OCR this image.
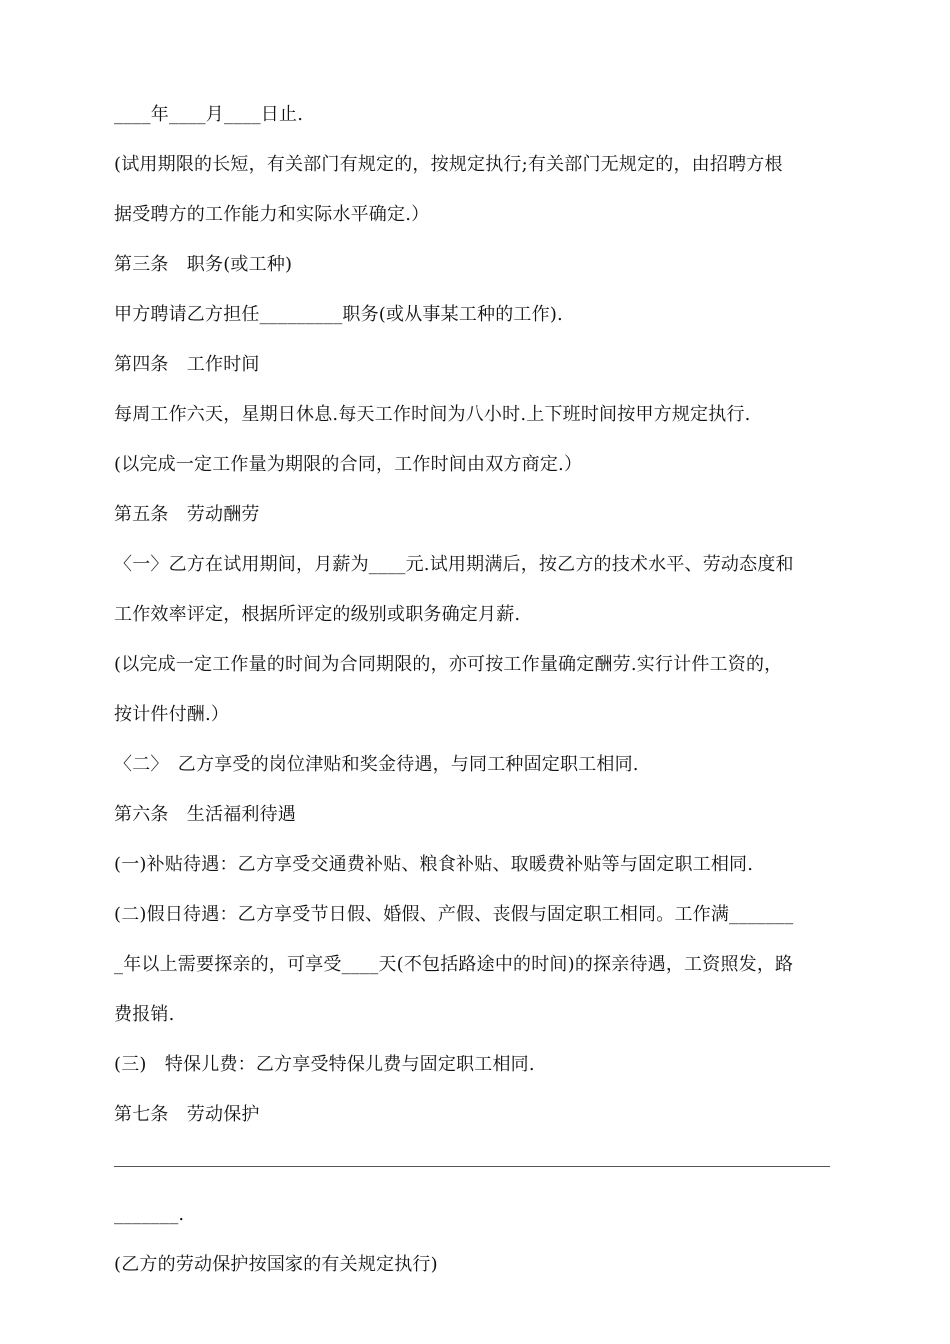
____年____月____日止.
(试用期限的长短，有关部门有规定的，按规定执行;有关部门无规定的，由招聘方根
据受聘方的工作能力和实际水平确定.）
第三条　职务(或工种)
甲方聘请乙方担任_________职务(或从事某工种的工作).
第四条　工作时间
每周工作六天，星期日休息.每天工作时间为八小时.上下班时间按甲方规定执行.
(以完成一定工作量为期限的合同，工作时间由双方商定.）
第五条　劳动酬劳
〈一〉乙方在试用期间，月薪为____元.试用期满后，按乙方的技术水平、劳动态度和
工作效率评定，根据所评定的级别或职务确定月薪.
(以完成一定工作量的时间为合同期限的，亦可按工作量确定酬劳.实行计件工资的，
按计件付酬.）
〈二〉　乙方享受的岗位津贴和奖金待遇，与同工种固定职工相同.
第六条　生活福利待遇
(一)补贴待遇：乙方享受交通费补贴、粮食补贴、取暖费补贴等与固定职工相同.
(二)假日待遇：乙方享受节日假、婚假、产假、丧假与固定职工相同。工作满_______
_年以上需要探亲的，可享受____天(不包括路途中的时间)的探亲待遇，工资照发，路
费报销.
(三)　特保儿费：乙方享受特保儿费与固定职工相同.
第七条　劳动保护
_______.
(乙方的劳动保护按国家的有关规定执行)
